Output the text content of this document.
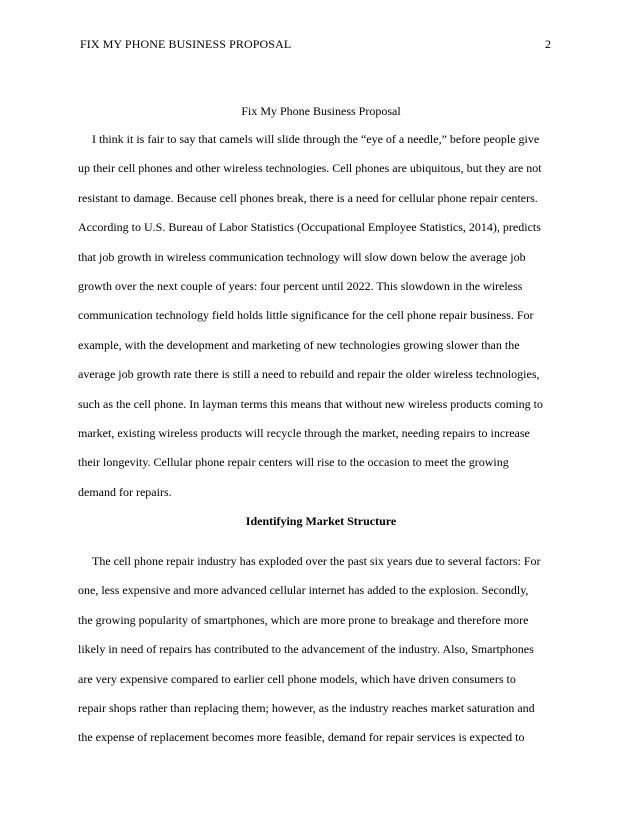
FIX MY PHONE BUSINESS PROPOSAL	2
Fix My Phone Business Proposal
I think it is fair to say that camels will slide through the “eye of a needle,” before people give
up their cell phones and other wireless technologies. Cell phones are ubiquitous, but they are not
resistant to damage. Because cell phones break, there is a need for cellular phone repair centers.
According to U.S. Bureau of Labor Statistics (Occupational Employee Statistics, 2014), predicts
that job growth in wireless communication technology will slow down below the average job
growth over the next couple of years: four percent until 2022. This slowdown in the wireless
communication technology field holds little significance for the cell phone repair business. For
example, with the development and marketing of new technologies growing slower than the
average job growth rate there is still a need to rebuild and repair the older wireless technologies,
such as the cell phone. In layman terms this means that without new wireless products coming to
market, existing wireless products will recycle through the market, needing repairs to increase
their longevity. Cellular phone repair centers will rise to the occasion to meet the growing
demand for repairs.
Identifying Market Structure
The cell phone repair industry has exploded over the past six years due to several factors: For
one, less expensive and more advanced cellular internet has added to the explosion. Secondly,
the growing popularity of smartphones, which are more prone to breakage and therefore more
likely in need of repairs has contributed to the advancement of the industry. Also, Smartphones
are very expensive compared to earlier cell phone models, which have driven consumers to
repair shops rather than replacing them; however, as the industry reaches market saturation and
the expense of replacement becomes more feasible, demand for repair services is expected to
